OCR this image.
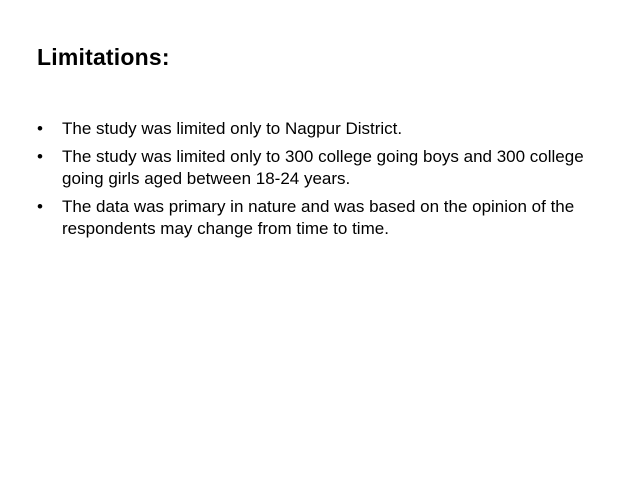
Limitations:
• The study was limited only to Nagpur District.
• The study was limited only to 300 college going boys and 300 college going girls aged between 18-24 years.
• The data was primary in nature and was based on the opinion of the respondents may change from time to time.
